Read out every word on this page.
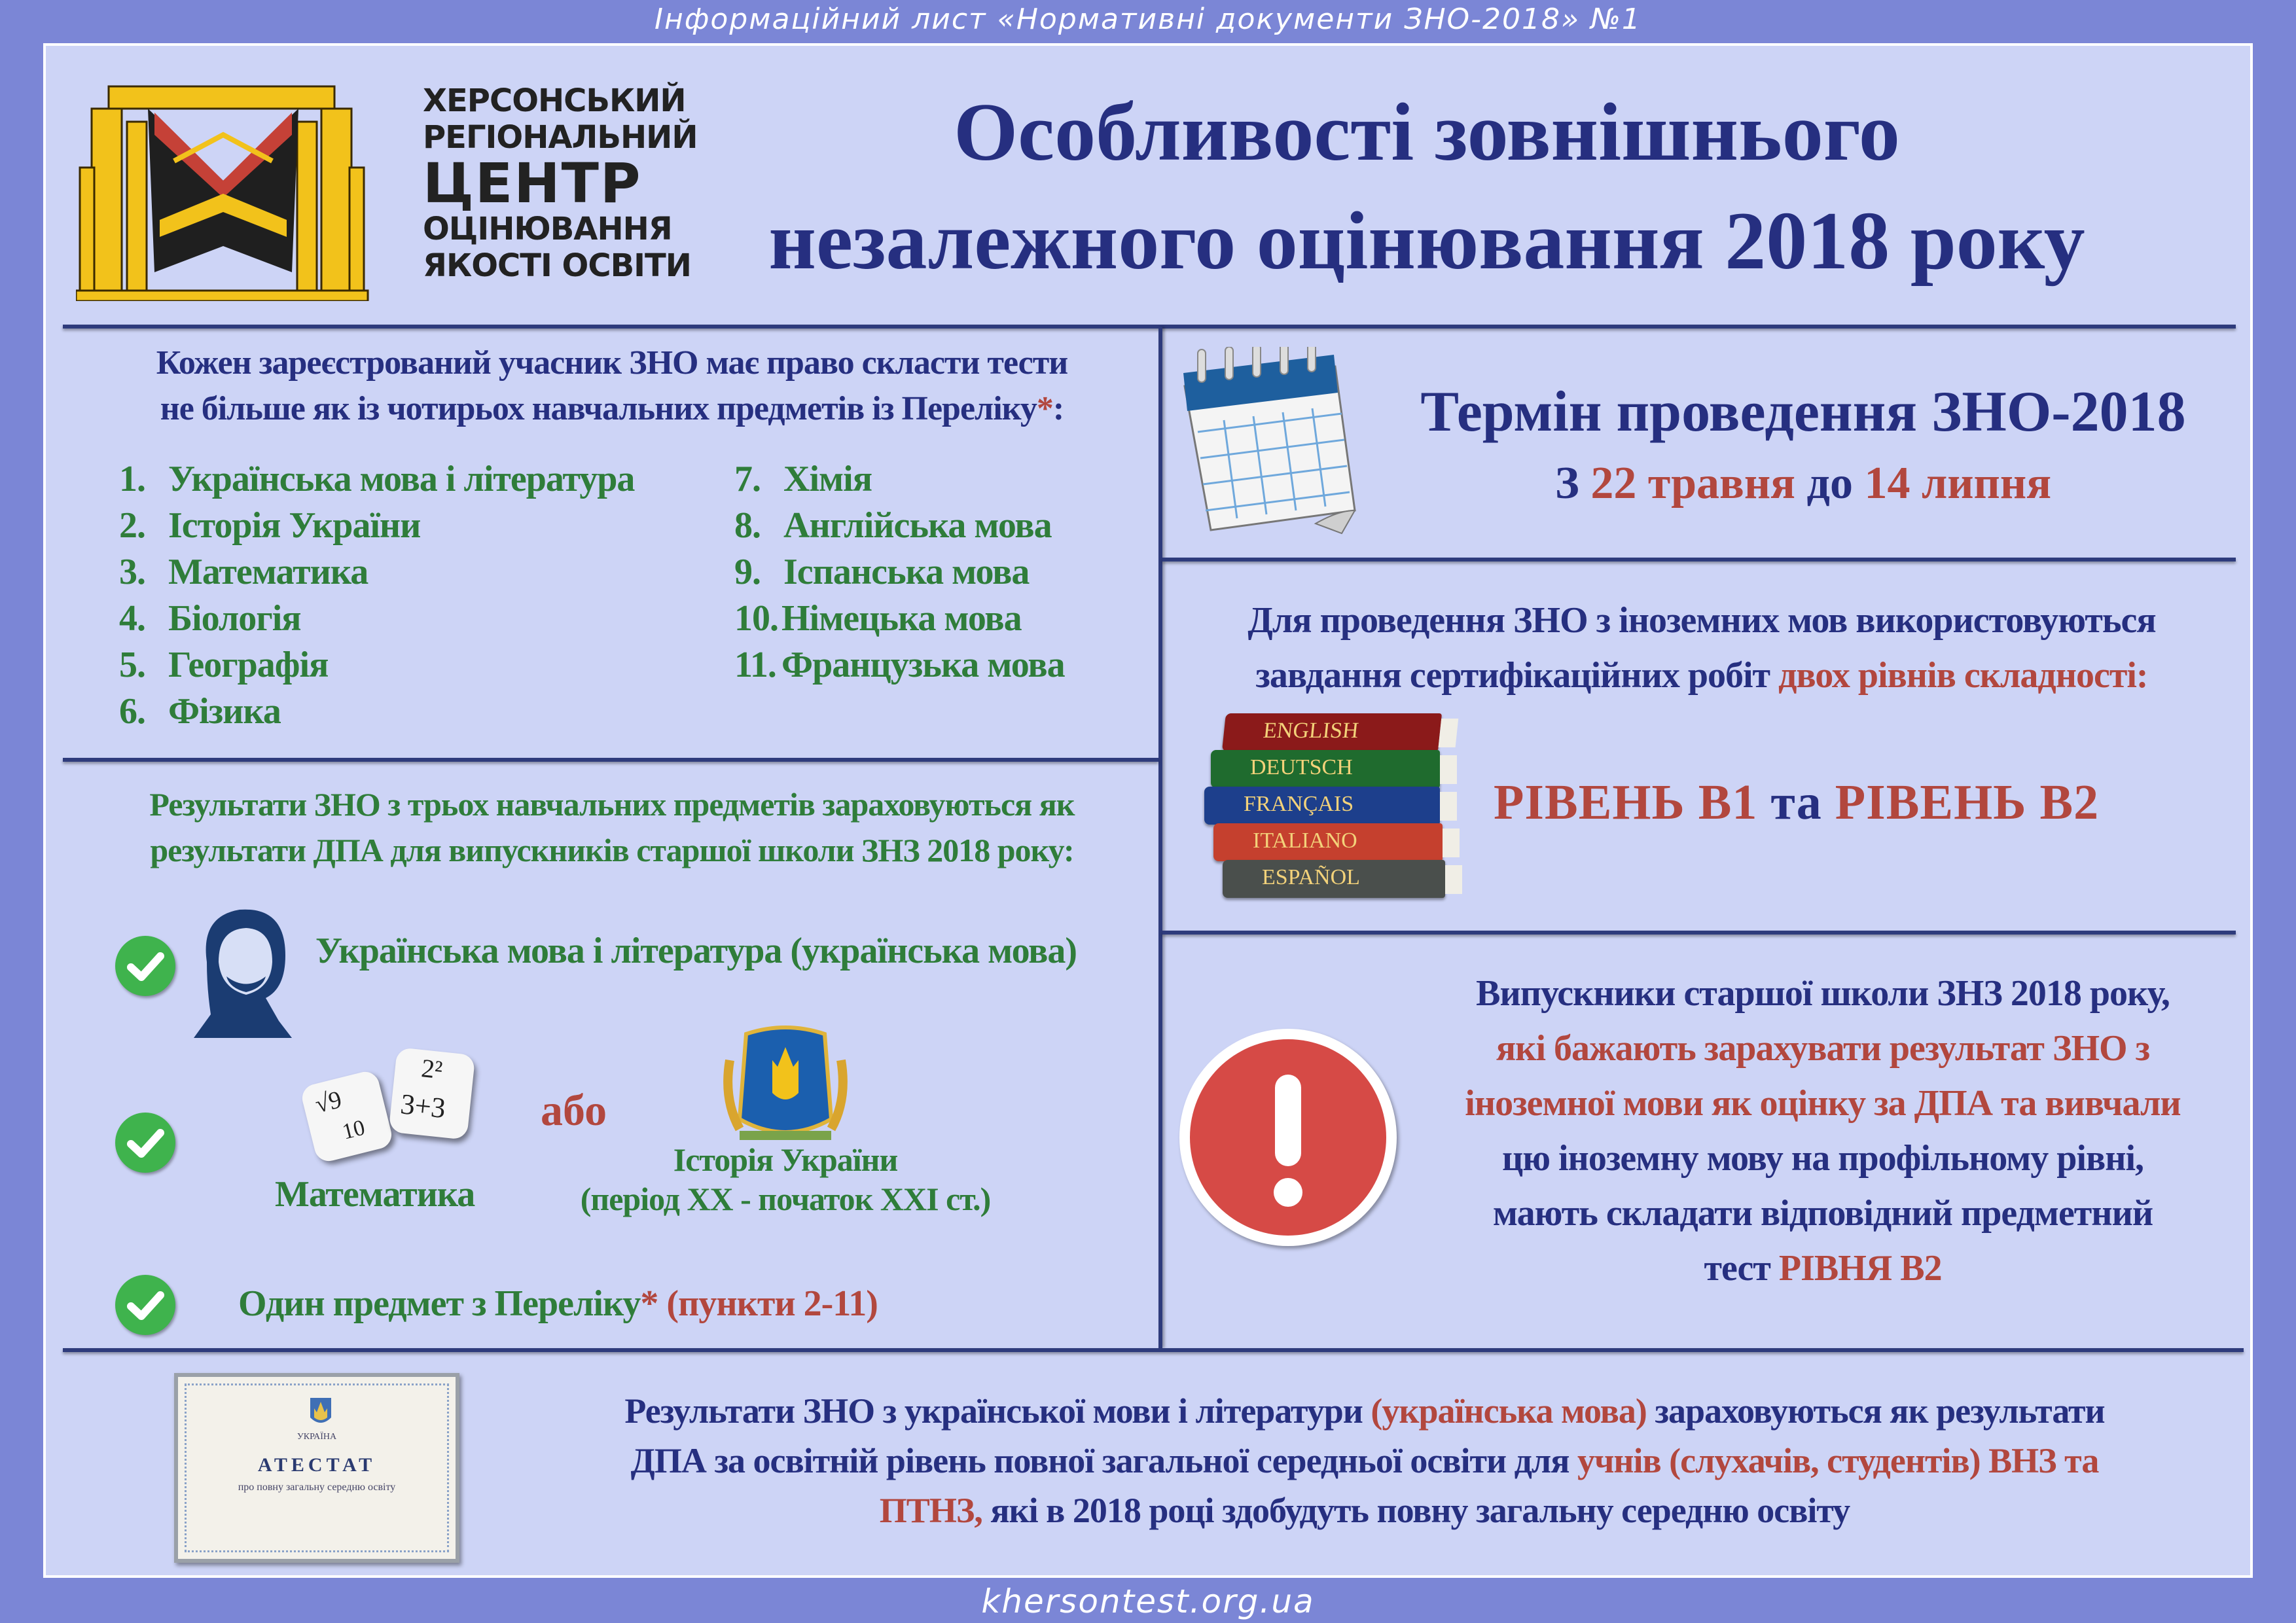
Інформаційний лист «Нормативні документи ЗНО-2018» №1
ХЕРСОНСЬКИЙ
РЕГІОНАЛЬНИЙ
ЦЕНТР
ОЦІНЮВАННЯ
ЯКОСТІ ОСВІТИ
Особливості зовнішнього
незалежного оцінювання 2018 року
Кожен зареєстрований учасник ЗНО має право скласти тести
не більше як із чотирьох навчальних предметів із Переліку*:
1. Українська мова і література
2. Історія України
3. Математика
4. Біологія
5. Географія
6. Фізика
7. Хімія
8. Англійська мова
9. Іспанська мова
10.Німецька мова
11. Французька мова
Термін проведення ЗНО-2018
З 22 травня до 14 липня
Для проведення ЗНО з іноземних мов використовуються
завдання сертифікаційних робіт двох рівнів складності:
ENGLISH
DEUTSCH
FRANÇAIS
ITALIANO
ESPAÑOL
РІВЕНЬ В1 та РІВЕНЬ В2
Результати ЗНО з трьох навчальних предметів зараховуються як
результати ДПА для випускників старшої школи ЗНЗ 2018 року:
Українська мова і література (українська мова)
√9
10
2²
3+3
Математика
або
Історія України
(період ХХ - початок ХХІ ст.)
Один предмет з Переліку* (пункти 2-11)
Випускники старшої школи ЗНЗ 2018 року,
які бажають зарахувати результат ЗНО з
іноземної мови як оцінку за ДПА та вивчали
цю іноземну мову на профільному рівні,
мають складати відповідний предметний
тест РІВНЯ В2
УКРАЇНА
АТЕСТАТ
про повну загальну середню освіту
Результати ЗНО з української мови і літератури (українська мова) зараховуються як результати
ДПА за освітній рівень повної загальної середньої освіти для учнів (слухачів, студентів) ВНЗ та
ПТНЗ, які в 2018 році здобудуть повну загальну середню освіту
khersontest.org.ua
